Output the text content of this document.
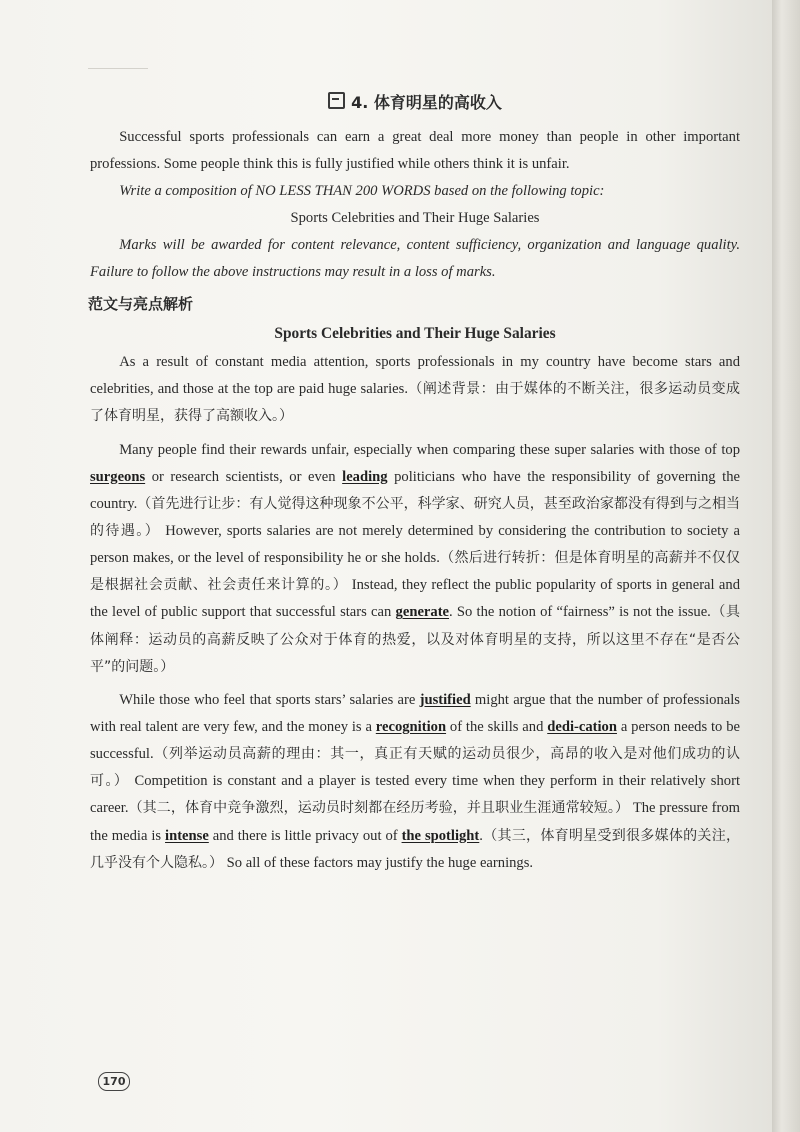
4. 体育明星的高收入

Successful sports professionals can earn a great deal more money than people in other important professions. Some people think this is fully justified while others think it is unfair.

Write a composition of NO LESS THAN 200 WORDS based on the following topic:

Sports Celebrities and Their Huge Salaries

Marks will be awarded for content relevance, content sufficiency, organization and language quality. Failure to follow the above instructions may result in a loss of marks.

范文与亮点解析
Sports Celebrities and Their Huge Salaries

As a result of constant media attention, sports professionals in my country have become stars and celebrities, and those at the top are paid huge salaries.（阐述背景：由于媒体的不断关注，很多运动员变成了体育明星，获得了高额收入。）

Many people find their rewards unfair, especially when comparing these super salaries with those of top surgeons or research scientists, or even leading politicians who have the responsibility of governing the country.（首先进行让步：有人觉得这种现象不公平，科学家、研究人员，甚至政治家都没有得到与之相当的待遇。） However, sports salaries are not merely determined by considering the contribution to society a person makes, or the level of responsibility he or she holds.（然后进行转折：但是体育明星的高薪并不仅仅是根据社会贡献、社会责任来计算的。） Instead, they reflect the public popularity of sports in general and the level of public support that successful stars can generate. So the notion of “fairness” is not the issue.（具体阐释：运动员的高薪反映了公众对于体育的热爱，以及对体育明星的支持，所以这里不存在“是否公平”的问题。）

While those who feel that sports stars’ salaries are justified might argue that the number of professionals with real talent are very few, and the money is a recognition of the skills and dedi-cation a person needs to be successful.（列举运动员高薪的理由：其一，真正有天赋的运动员很少，高昂的收入是对他们成功的认可。） Competition is constant and a player is tested every time when they perform in their relatively short career.（其二，体育中竞争激烈，运动员时刻都在经历考验，并且职业生涯通常较短。） The pressure from the media is intense and there is little privacy out of the spotlight.（其三，体育明星受到很多媒体的关注，几乎没有个人隐私。） So all of these factors may justify the huge earnings.

170
